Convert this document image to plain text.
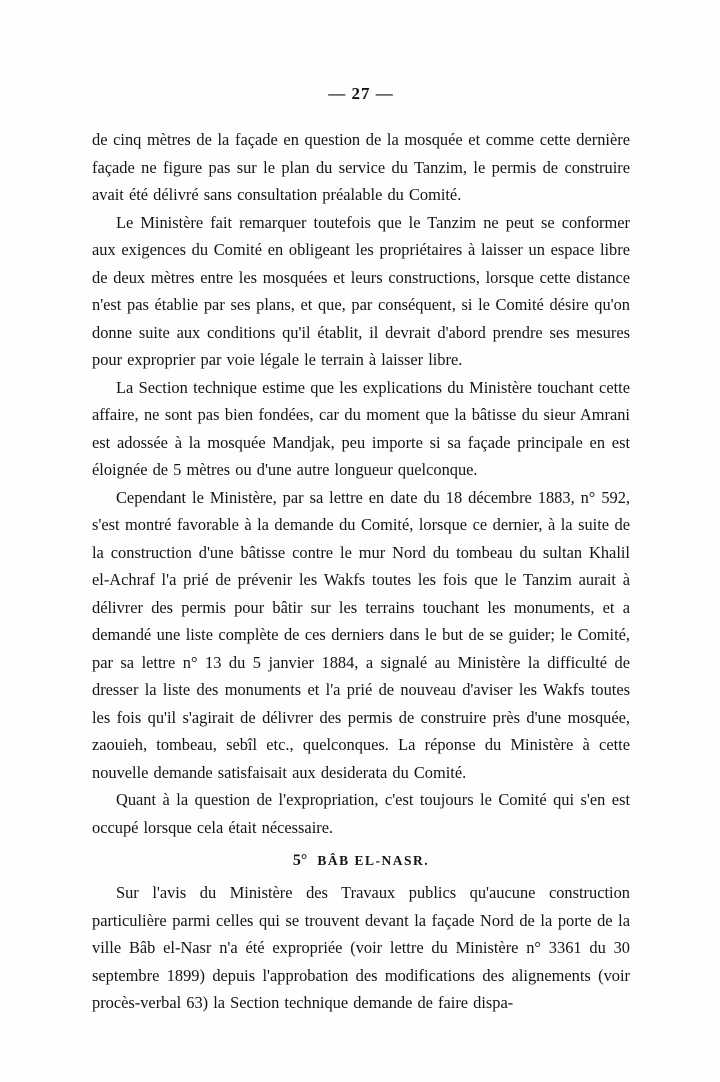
— 27 —

de cinq mètres de la façade en question de la mosquée et comme cette dernière façade ne figure pas sur le plan du service du Tanzim, le permis de construire avait été délivré sans consultation préalable du Comité.

Le Ministère fait remarquer toutefois que le Tanzim ne peut se conformer aux exigences du Comité en obligeant les propriétaires à laisser un espace libre de deux mètres entre les mosquées et leurs constructions, lorsque cette distance n'est pas établie par ses plans, et que, par conséquent, si le Comité désire qu'on donne suite aux conditions qu'il établit, il devrait d'abord prendre ses mesures pour exproprier par voie légale le terrain à laisser libre.

La Section technique estime que les explications du Ministère touchant cette affaire, ne sont pas bien fondées, car du moment que la bâtisse du sieur Amrani est adossée à la mosquée Mandjak, peu importe si sa façade principale en est éloignée de 5 mètres ou d'une autre longueur quelconque.

Cependant le Ministère, par sa lettre en date du 18 décembre 1883, n° 592, s'est montré favorable à la demande du Comité, lorsque ce dernier, à la suite de la construction d'une bâtisse contre le mur Nord du tombeau du sultan Khalil el-Achraf l'a prié de prévenir les Wakfs toutes les fois que le Tanzim aurait à délivrer des permis pour bâtir sur les terrains touchant les monuments, et a demandé une liste complète de ces derniers dans le but de se guider; le Comité, par sa lettre n° 13 du 5 janvier 1884, a signalé au Ministère la difficulté de dresser la liste des monuments et l'a prié de nouveau d'aviser les Wakfs toutes les fois qu'il s'agirait de délivrer des permis de construire près d'une mosquée, zaouieh, tombeau, sebîl etc., quelconques. La réponse du Ministère à cette nouvelle demande satisfaisait aux desiderata du Comité.

Quant à la question de l'expropriation, c'est toujours le Comité qui s'en est occupé lorsque cela était nécessaire.

5° BÂB EL-NASR.

Sur l'avis du Ministère des Travaux publics qu'aucune construction particulière parmi celles qui se trouvent devant la façade Nord de la porte de la ville Bâb el-Nasr n'a été expropriée (voir lettre du Ministère n° 3361 du 30 septembre 1899) depuis l'approbation des modifications des alignements (voir procès-verbal 63) la Section technique demande de faire dispa-
